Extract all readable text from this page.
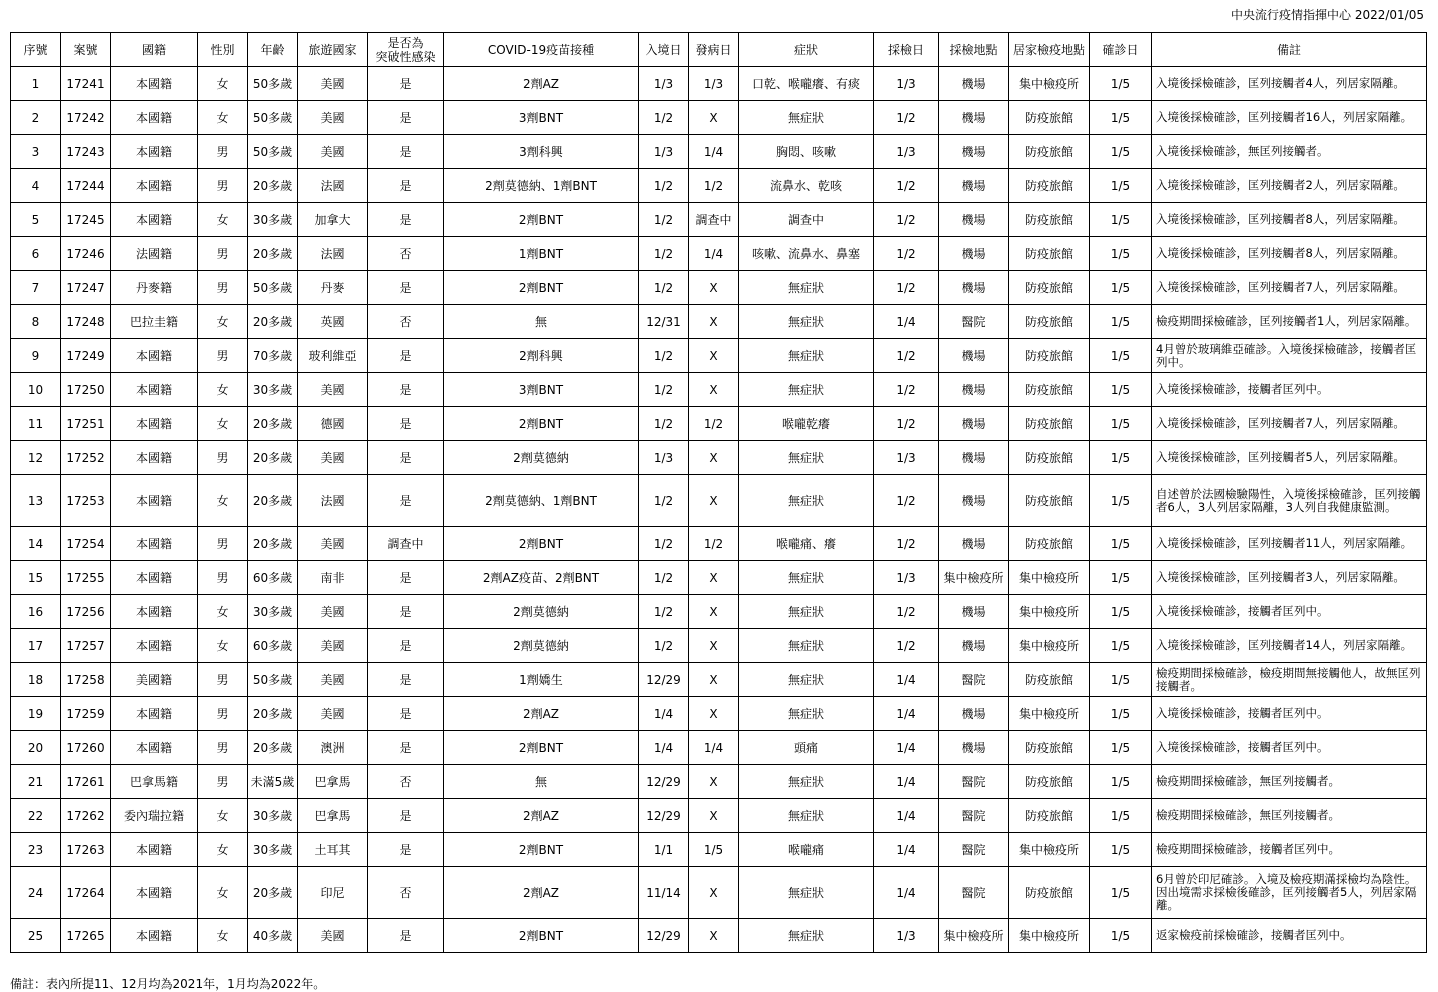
中央流行疫情指揮中心 2022/01/05
序號	案號	國籍	性別	年齡	旅遊國家	是否為
突破性感染	COVID-19疫苗接種	入境日	發病日	症狀	採檢日	採檢地點	居家檢疫地點	確診日	備註
1	17241	本國籍	女	50多歲	美國	是	2劑AZ	1/3	1/3	口乾、喉嚨癢、有痰	1/3	機場	集中檢疫所	1/5	入境後採檢確診，匡列接觸者4人，列居家隔離。
2	17242	本國籍	女	50多歲	美國	是	3劑BNT	1/2	X	無症狀	1/2	機場	防疫旅館	1/5	入境後採檢確診，匡列接觸者16人，列居家隔離。
3	17243	本國籍	男	50多歲	美國	是	3劑科興	1/3	1/4	胸悶、咳嗽	1/3	機場	防疫旅館	1/5	入境後採檢確診，無匡列接觸者。
4	17244	本國籍	男	20多歲	法國	是	2劑莫德納、1劑BNT	1/2	1/2	流鼻水、乾咳	1/2	機場	防疫旅館	1/5	入境後採檢確診，匡列接觸者2人，列居家隔離。
5	17245	本國籍	女	30多歲	加拿大	是	2劑BNT	1/2	調查中	調查中	1/2	機場	防疫旅館	1/5	入境後採檢確診，匡列接觸者8人，列居家隔離。
6	17246	法國籍	男	20多歲	法國	否	1劑BNT	1/2	1/4	咳嗽、流鼻水、鼻塞	1/2	機場	防疫旅館	1/5	入境後採檢確診，匡列接觸者8人，列居家隔離。
7	17247	丹麥籍	男	50多歲	丹麥	是	2劑BNT	1/2	X	無症狀	1/2	機場	防疫旅館	1/5	入境後採檢確診，匡列接觸者7人，列居家隔離。
8	17248	巴拉圭籍	女	20多歲	英國	否	無	12/31	X	無症狀	1/4	醫院	防疫旅館	1/5	檢疫期間採檢確診，匡列接觸者1人，列居家隔離。
9	17249	本國籍	男	70多歲	玻利維亞	是	2劑科興	1/2	X	無症狀	1/2	機場	防疫旅館	1/5	4月曾於玻璃維亞確診。入境後採檢確診，接觸者匡列中。
10	17250	本國籍	女	30多歲	美國	是	3劑BNT	1/2	X	無症狀	1/2	機場	防疫旅館	1/5	入境後採檢確診，接觸者匡列中。
11	17251	本國籍	女	20多歲	德國	是	2劑BNT	1/2	1/2	喉嚨乾癢	1/2	機場	防疫旅館	1/5	入境後採檢確診，匡列接觸者7人，列居家隔離。
12	17252	本國籍	男	20多歲	美國	是	2劑莫德納	1/3	X	無症狀	1/3	機場	防疫旅館	1/5	入境後採檢確診，匡列接觸者5人，列居家隔離。
13	17253	本國籍	女	20多歲	法國	是	2劑莫德納、1劑BNT	1/2	X	無症狀	1/2	機場	防疫旅館	1/5	自述曾於法國檢驗陽性，入境後採檢確診，匡列接觸者6人，3人列居家隔離，3人列自我健康監測。
14	17254	本國籍	男	20多歲	美國	調查中	2劑BNT	1/2	1/2	喉嚨痛、癢	1/2	機場	防疫旅館	1/5	入境後採檢確診，匡列接觸者11人，列居家隔離。
15	17255	本國籍	男	60多歲	南非	是	2劑AZ疫苗、2劑BNT	1/2	X	無症狀	1/3	集中檢疫所	集中檢疫所	1/5	入境後採檢確診，匡列接觸者3人，列居家隔離。
16	17256	本國籍	女	30多歲	美國	是	2劑莫德納	1/2	X	無症狀	1/2	機場	集中檢疫所	1/5	入境後採檢確診，接觸者匡列中。
17	17257	本國籍	女	60多歲	美國	是	2劑莫德納	1/2	X	無症狀	1/2	機場	集中檢疫所	1/5	入境後採檢確診，匡列接觸者14人，列居家隔離。
18	17258	美國籍	男	50多歲	美國	是	1劑嬌生	12/29	X	無症狀	1/4	醫院	防疫旅館	1/5	檢疫期間採檢確診，檢疫期間無接觸他人，故無匡列接觸者。
19	17259	本國籍	男	20多歲	美國	是	2劑AZ	1/4	X	無症狀	1/4	機場	集中檢疫所	1/5	入境後採檢確診，接觸者匡列中。
20	17260	本國籍	男	20多歲	澳洲	是	2劑BNT	1/4	1/4	頭痛	1/4	機場	防疫旅館	1/5	入境後採檢確診，接觸者匡列中。
21	17261	巴拿馬籍	男	未滿5歲	巴拿馬	否	無	12/29	X	無症狀	1/4	醫院	防疫旅館	1/5	檢疫期間採檢確診，無匡列接觸者。
22	17262	委內瑞拉籍	女	30多歲	巴拿馬	是	2劑AZ	12/29	X	無症狀	1/4	醫院	防疫旅館	1/5	檢疫期間採檢確診，無匡列接觸者。
23	17263	本國籍	女	30多歲	土耳其	是	2劑BNT	1/1	1/5	喉嚨痛	1/4	醫院	集中檢疫所	1/5	檢疫期間採檢確診，接觸者匡列中。
24	17264	本國籍	女	20多歲	印尼	否	2劑AZ	11/14	X	無症狀	1/4	醫院	防疫旅館	1/5	6月曾於印尼確診。入境及檢疫期滿採檢均為陰性。因出境需求採檢後確診，匡列接觸者5人，列居家隔離。
25	17265	本國籍	女	40多歲	美國	是	2劑BNT	12/29	X	無症狀	1/3	集中檢疫所	集中檢疫所	1/5	返家檢疫前採檢確診，接觸者匡列中。
備註：表內所提11、12月均為2021年，1月均為2022年。
